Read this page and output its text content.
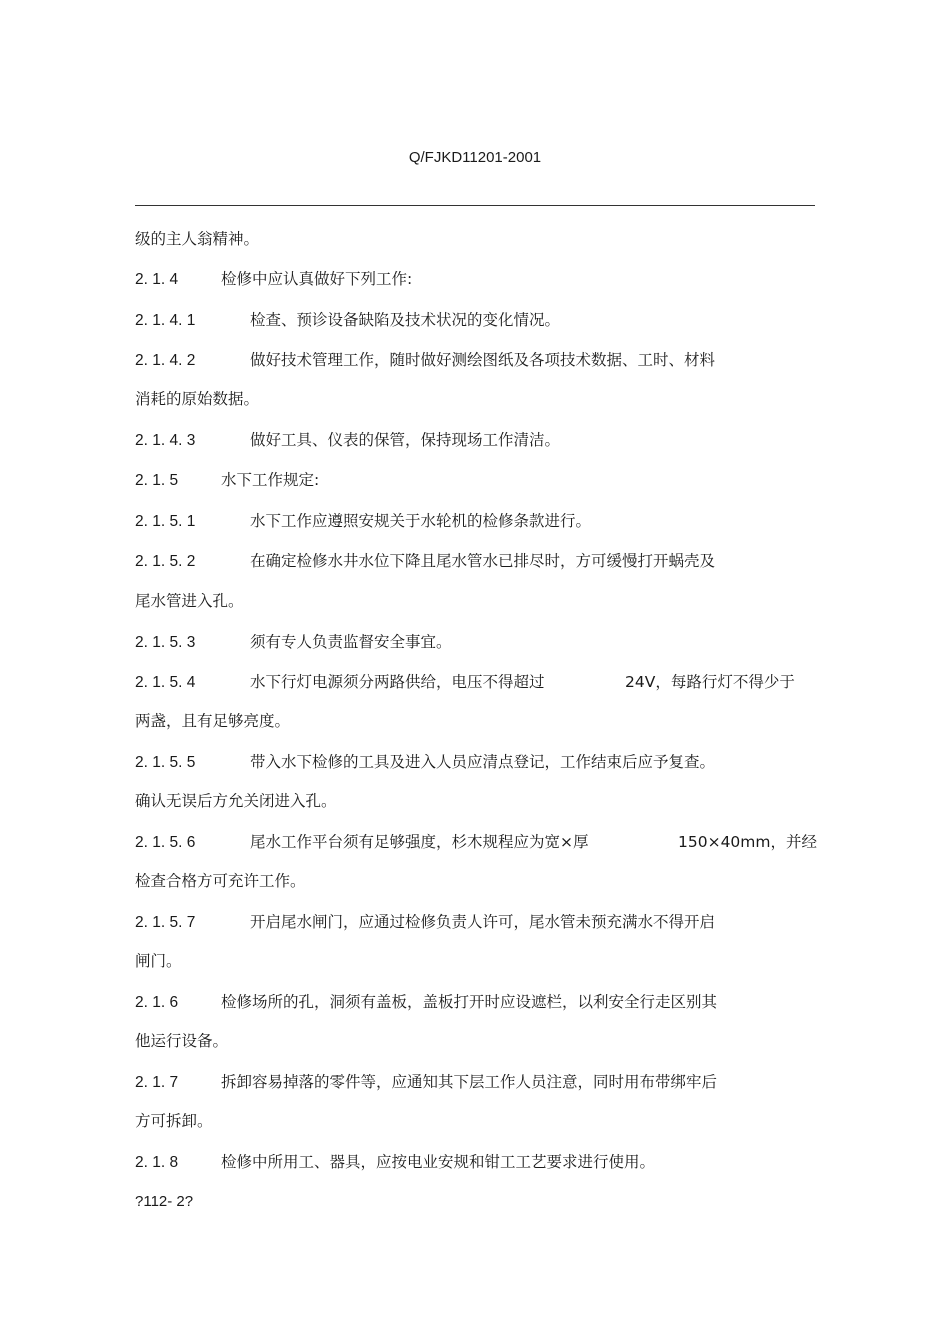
Q/FJKD11201-2001
级的主人翁精神。
2. 1. 4	检修中应认真做好下列工作:
2. 1. 4. 1	检查、预诊设备缺陷及技术状况的变化情况。
2. 1. 4. 2	做好技术管理工作，随时做好测绘图纸及各项技术数据、工时、材料
消耗的原始数据。
2. 1. 4. 3	做好工具、仪表的保管，保持现场工作清洁。
2. 1. 5	水下工作规定:
2. 1. 5. 1	水下工作应遵照安规关于水轮机的检修条款进行。
2. 1. 5. 2	在确定检修水井水位下降且尾水管水已排尽时，方可缓慢打开蜗壳及
尾水管进入孔。
2. 1. 5. 3	须有专人负责监督安全事宜。
2. 1. 5. 4	水下行灯电源须分两路供给，电压不得超过	24V，每路行灯不得少于
两盏，且有足够亮度。
2. 1. 5. 5	带入水下检修的工具及进入人员应清点登记，工作结束后应予复查。
确认无误后方允关闭进入孔。
2. 1. 5. 6	尾水工作平台须有足够强度，杉木规程应为宽×厚	150×40mm，并经
检查合格方可充许工作。
2. 1. 5. 7	开启尾水闸门，应通过检修负责人许可，尾水管未预充满水不得开启
闸门。
2. 1. 6	检修场所的孔，洞须有盖板，盖板打开时应设遮栏，以利安全行走区别其
他运行设备。
2. 1. 7	拆卸容易掉落的零件等，应通知其下层工作人员注意，同时用布带绑牢后
方可拆卸。
2. 1. 8	检修中所用工、器具，应按电业安规和钳工工艺要求进行使用。
?112- 2?
